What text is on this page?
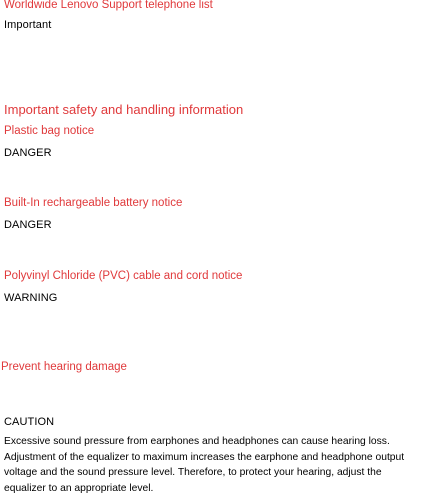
Worldwide Lenovo Support telephone list
Important
Important safety and handling information
Plastic bag notice
DANGER
Built-In rechargeable battery notice
DANGER
Polyvinyl Chloride (PVC) cable and cord notice
WARNING
Prevent hearing damage
CAUTION

Excessive sound pressure from earphones and headphones can cause hearing loss. Adjustment of the equalizer to maximum increases the earphone and headphone output voltage and the sound pressure level. Therefore, to protect your hearing, adjust the equalizer to an appropriate level.
